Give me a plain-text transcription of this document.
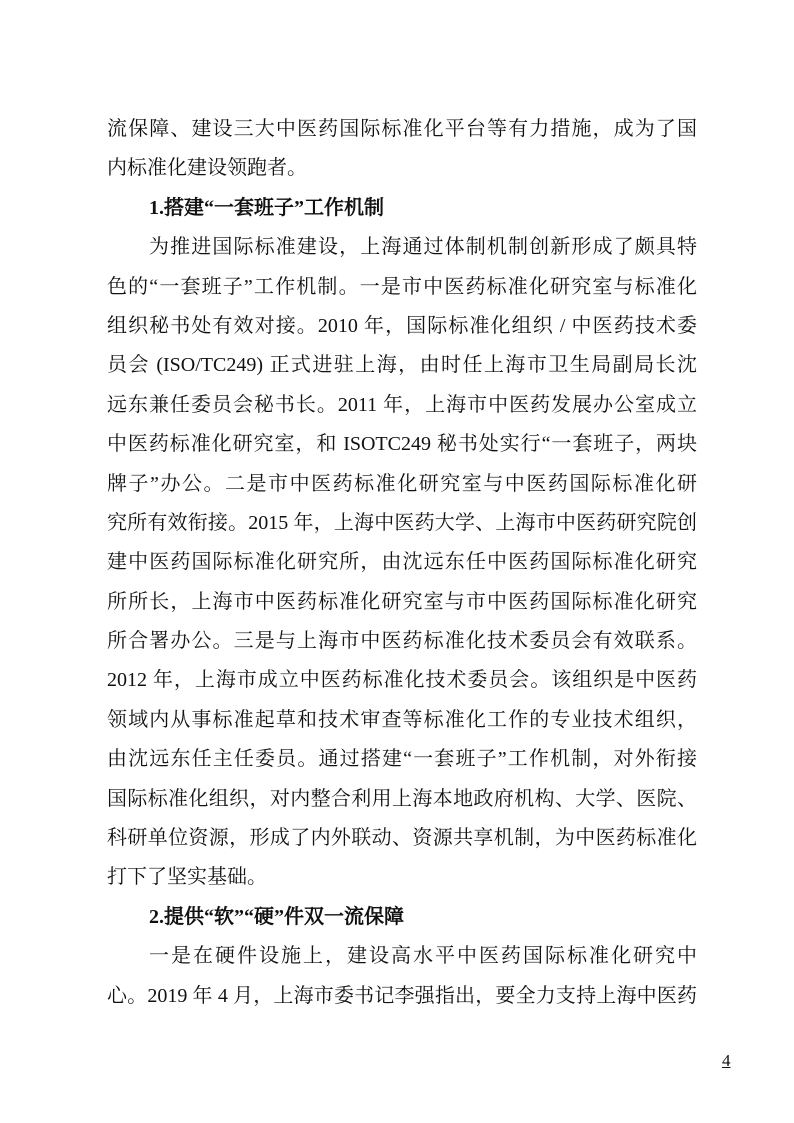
流保障、建设三大中医药国际标准化平台等有力措施，成为了国
内标准化建设领跑者。
1.搭建“一套班子”工作机制
为推进国际标准建设，上海通过体制机制创新形成了颇具特
色的“一套班子”工作机制。一是市中医药标准化研究室与标准化
组织秘书处有效对接。2010 年，国际标准化组织 / 中医药技术委
员会 (ISO/TC249) 正式进驻上海，由时任上海市卫生局副局长沈
远东兼任委员会秘书长。2011 年，上海市中医药发展办公室成立
中医药标准化研究室，和 ISOTC249 秘书处实行“一套班子，两块
牌子”办公。二是市中医药标准化研究室与中医药国际标准化研
究所有效衔接。2015 年，上海中医药大学、上海市中医药研究院创
建中医药国际标准化研究所，由沈远东任中医药国际标准化研究
所所长，上海市中医药标准化研究室与市中医药国际标准化研究
所合署办公。三是与上海市中医药标准化技术委员会有效联系。
2012 年，上海市成立中医药标准化技术委员会。该组织是中医药
领域内从事标准起草和技术审查等标准化工作的专业技术组织，
由沈远东任主任委员。通过搭建“一套班子”工作机制，对外衔接
国际标准化组织，对内整合利用上海本地政府机构、大学、医院、
科研单位资源，形成了内外联动、资源共享机制，为中医药标准化
打下了坚实基础。
2.提供“软”“硬”件双一流保障
一是在硬件设施上，建设高水平中医药国际标准化研究中
心。2019 年 4 月，上海市委书记李强指出，要全力支持上海中医药
4
